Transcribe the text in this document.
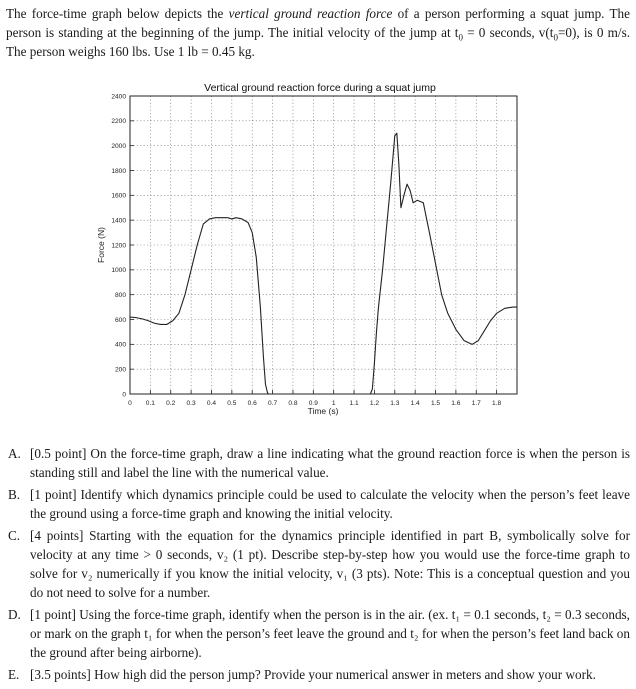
The force-time graph below depicts the vertical ground reaction force of a person performing a squat jump. The person is standing at the beginning of the jump. The initial velocity of the jump at $t_0 = 0$ seconds, $v(t_0=0)$, is 0 m/s. The person weighs 160 lbs. Use 1 lb = 0.45 kg.

Vertical ground reaction force during a squat jump
0 0.1 0.2 0.3 0.4 0.5 0.6 0.7 0.8 0.9 1 1.1 1.2 1.3 1.4 1.5 1.6 1.7 1.8
0
200
400
600
800
1000
1200
1400
1600
1800
2000
2200
2400
Time (s)
Force (N)
A. [0.5 point] On the force-time graph, draw a line indicating what the ground reaction force is when the person is standing still and label the line with the numerical value.
B. [1 point] Identify which dynamics principle could be used to calculate the velocity when the person’s feet leave the ground using a force-time graph and knowing the initial velocity.
C. [4 points] Starting with the equation for the dynamics principle identified in part B, symbolically solve for velocity at any time > 0 seconds, v₂ (1 pt). Describe step-by-step how you would use the force-time graph to solve for v₂ numerically if you know the initial velocity, v₁ (3 pts). Note: This is a conceptual question and you do not need to solve for a number.
D. [1 point] Using the force-time graph, identify when the person is in the air. (ex. t₁ = 0.1 seconds, t₂ = 0.3 seconds, or mark on the graph t₁ for when the person’s feet leave the ground and t₂ for when the person’s feet land back on the ground after being airborne).
E. [3.5 points] How high did the person jump? Provide your numerical answer in meters and show your work.
